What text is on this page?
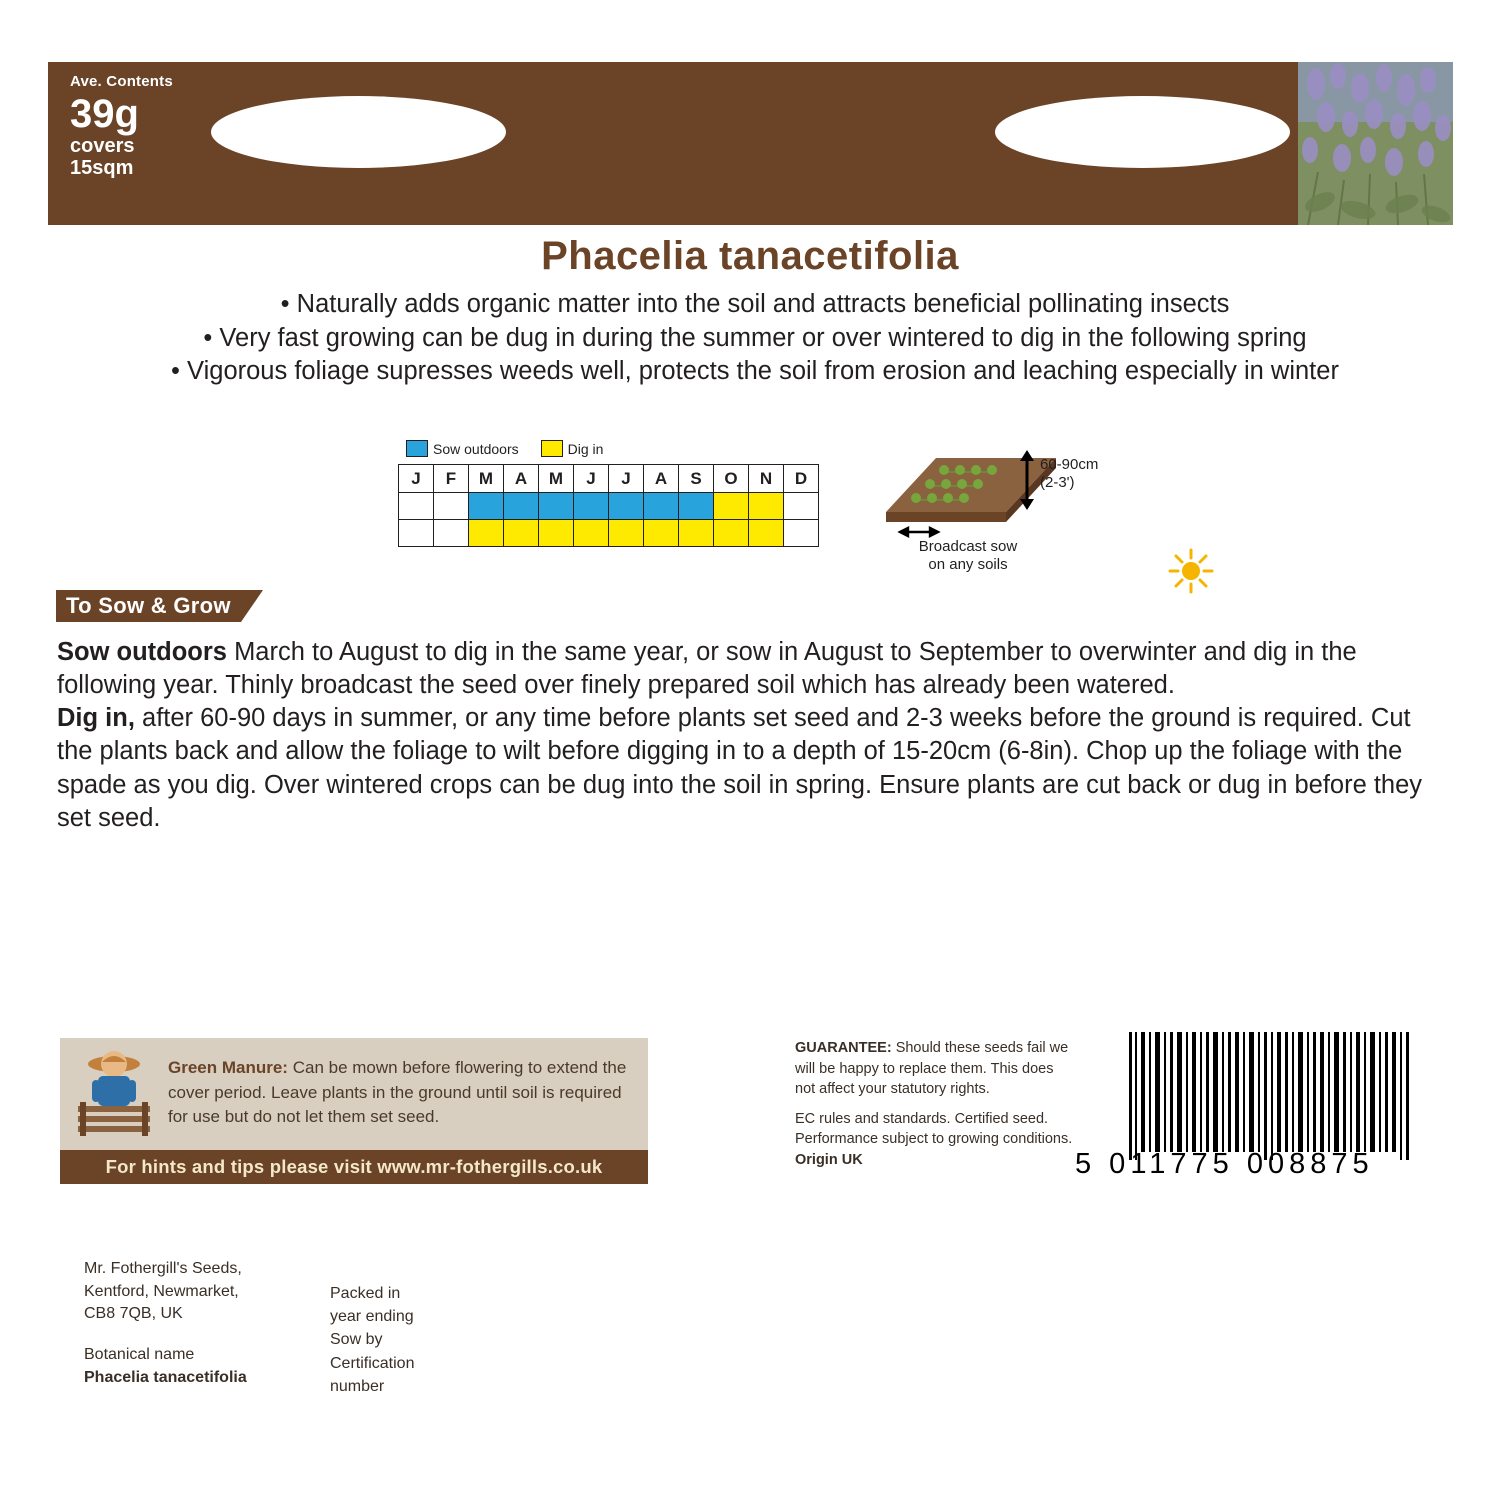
Ave. Contents
39g
covers
15sqm
Phacelia tanacetifolia
• Naturally adds organic matter into the soil and attracts beneficial pollinating insects
• Very fast growing can be dug in during the summer or over wintered to dig in the following spring
• Vigorous foliage supresses weeds well, protects the soil from erosion and leaching especially in winter
Sow outdoors	Dig in
J	F	M	A	M	J	J	A	S	O	N	D

60-90cm
(2-3')
Broadcast sow
on any soils
To Sow & Grow

Sow outdoors March to August to dig in the same year, or sow in August to September to overwinter and dig in the following year. Thinly broadcast the seed over finely prepared soil which has already been watered.

Dig in, after 60-90 days in summer, or any time before plants set seed and 2-3 weeks before the ground is required. Cut the plants back and allow the foliage to wilt before digging in to a depth of 15-20cm (6-8in). Chop up the foliage with the spade as you dig. Over wintered crops can be dug into the soil in spring. Ensure plants are cut back or dug in before they set seed.

Green Manure: Can be mown before flowering to extend the cover period. Leave plants in the ground until soil is required for use but do not let them set seed.
For hints and tips please visit www.mr-fothergills.co.uk
GUARANTEE: Should these seeds fail we will be happy to replace them. This does not affect your statutory rights.
EC rules and standards. Certified seed. Performance subject to growing conditions. Origin UK	5 011775 008875
Mr. Fothergill's Seeds,
Kentford, Newmarket,
CB8 7QB, UK
Botanical name
Phacelia tanacetifolia
Packed in
year ending
Sow by
Certification
number
